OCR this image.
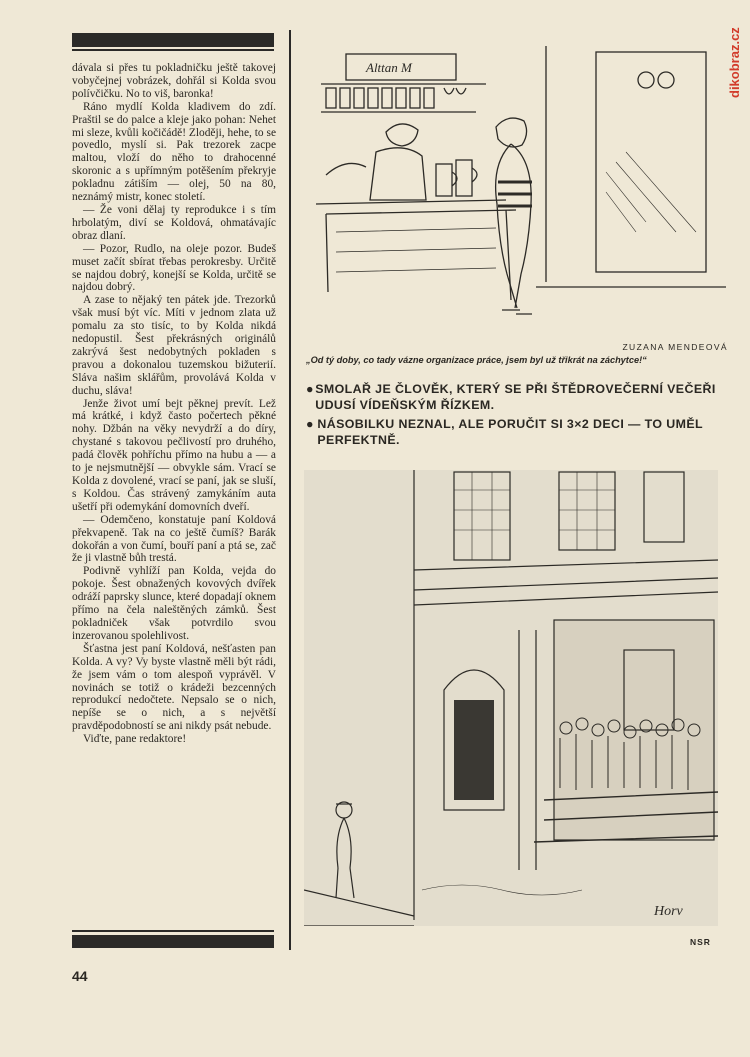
dikobraz.cz

dávala si přes tu pokladničku ještě takovej vobyčejnej vobrázek, dohřál si Kolda svou polívčičku. No to viš, baronka!

Ráno mydlí Kolda kladivem do zdí. Praštil se do palce a kleje jako pohan: Nehet mi sleze, kvůli kočičádě! Zloději, hehe, to se povedlo, myslí si. Pak trezorek zacpe maltou, vloží do něho to drahocenné skoronic a s upřímným potěšením překryje pokladnu zátiším — olej, 50 na 80, neznámý mistr, konec století.

— Že voni dělaj ty reprodukce i s tím hrbolatým, diví se Koldová, ohmatávajíc obraz dlaní.

— Pozor, Rudlo, na oleje pozor. Budeš muset začít sbírat třebas perokresby. Určitě se najdou dobrý, konejší se Kolda, určitě se najdou dobrý.

A zase to nějaký ten pátek jde. Trezorků však musí být víc. Míti v jednom zlata už pomalu za sto tisíc, to by Kolda nikdá nedopustil. Šest překrásných originálů zakrývá šest nedobytných pokladen s pravou a dokonalou tuzemskou bižuterií. Sláva našim sklářům, provolává Kolda v duchu, sláva!

Jenže život umí bejt pěknej prevít. Lež má krátké, i když často počertech pěkné nohy. Džbán na věky nevydrží a do díry, chystané s takovou pečlivostí pro druhého, padá člověk pohříchu přímo na hubu a — a to je nejsmutnější — obvykle sám. Vrací se Kolda z dovolené, vrací se paní, jak se sluší, s Koldou. Čas strávený zamykáním auta ušetří při odemykání domovních dveří.

— Odemčeno, konstatuje paní Koldová překvapeně. Tak na co ještě čumíš? Barák dokořán a von čumí, bouří paní a ptá se, zač že ji vlastně bůh trestá.

Podivně vyhlíží pan Kolda, vejda do pokoje. Šest obnažených kovových dvířek odráží paprsky slunce, které dopadají oknem přímo na čela naleštěných zámků. Šest pokladniček však potvrdilo svou inzerovanou spolehlivost.

Šťastna jest paní Koldová, nešťasten pan Kolda. A vy? Vy byste vlastně měli být rádi, že jsem vám o tom alespoň vyprávěl. V novinách se totiž o krádeži bezcenných reprodukcí nedočtete. Nepsalo se o nich, nepíše se o nich, a s největší pravděpodobností se ani nikdy psát nebude.

Viďte, pane redaktore!

44
Alttan M
ZUZANA MENDEOVÁ
„Od tý doby, co tady vázne organizace práce, jsem byl už třikrát na záchytce!“
● SMOLAŘ JE ČLOVĚK, KTERÝ SE PŘI ŠTĚDROVEČERNÍ VEČEŘI UDUSÍ VÍDEŇSKÝM ŘÍZKEM.
● NÁSOBILKU NEZNAL, ALE PORUČIT SI 3×2 DECI — TO UMĚL PERFEKTNĚ.
Horv
NSR
